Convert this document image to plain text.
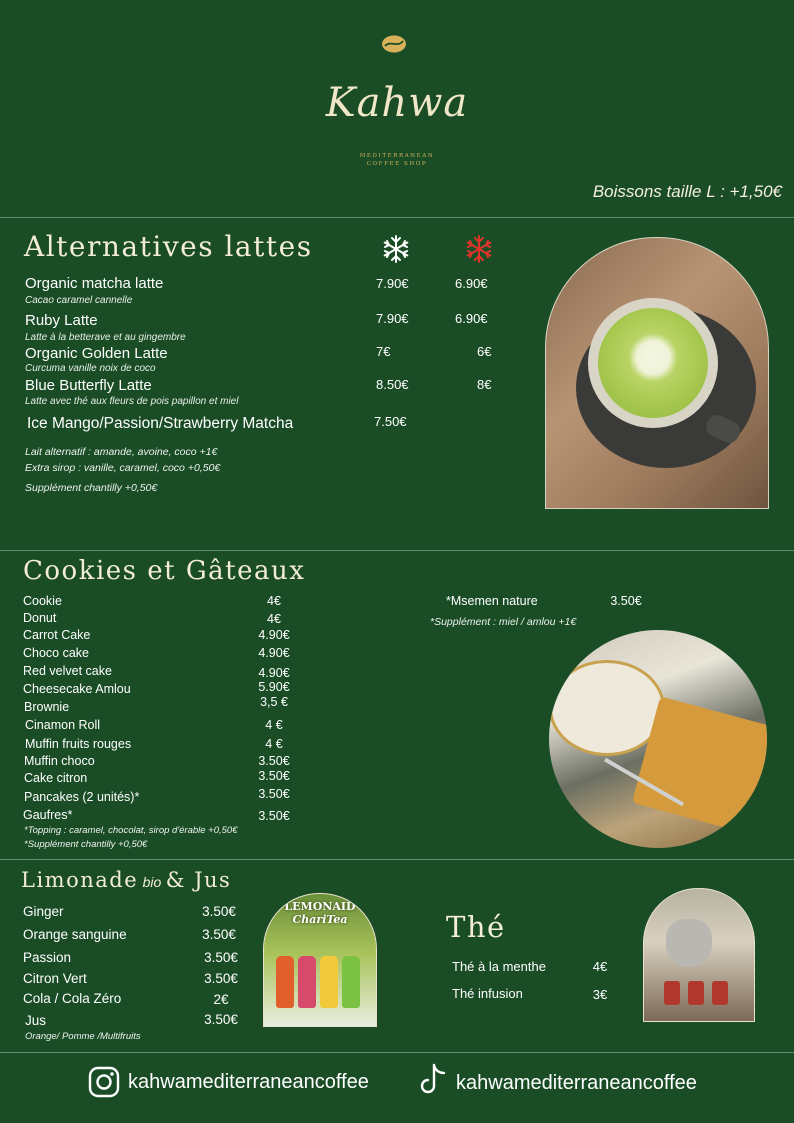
Kahwa
MEDITERRANEAN
COFFEE SHOP
Boissons taille L : +1,50€
Alternatives lattes
Organic matcha latte
Cacao caramel cannelle
7.90€	6.90€
Ruby Latte
Latte à la betterave et au gingembre
7.90€	6.90€
Organic Golden Latte
Curcuma vanille noix de coco
7€	6€
Blue Butterfly Latte
Latte avec thé aux fleurs de pois papillon et miel
8.50€	8€
Ice Mango/Passion/Strawberry Matcha	7.50€
Lait alternatif : amande, avoine, coco +1€
Extra sirop : vanille, caramel, coco +0,50€
Supplément chantilly +0,50€
Cookies et Gâteaux
Cookie	4€
Donut	4€
Carrot Cake	4.90€
Choco cake	4.90€
Red velvet cake	4.90€
Cheesecake Amlou	5.90€
Brownie	3,5 €
Cinamon Roll	4 €
Muffin fruits rouges	4 €
Muffin choco	3.50€
Cake citron	3.50€
Pancakes (2 unités)*	3.50€
Gaufres*	3.50€
*Topping : caramel, chocolat, sirop d'érable +0,50€
*Supplément chantilly +0,50€
*Msemen nature	3.50€
*Supplément : miel / amlou +1€
Limonade bio & Jus
Ginger	3.50€
Orange sanguine	3.50€
Passion	3.50€
Citron Vert	3.50€
Cola / Cola Zéro	2€
Jus	3.50€
Orange/ Pomme /Multifruits
LEMONAID
ChariTea	Thé
Thé à la menthe	4€
Thé infusion	3€
kahwamediterraneancoffee	kahwamediterraneancoffee
